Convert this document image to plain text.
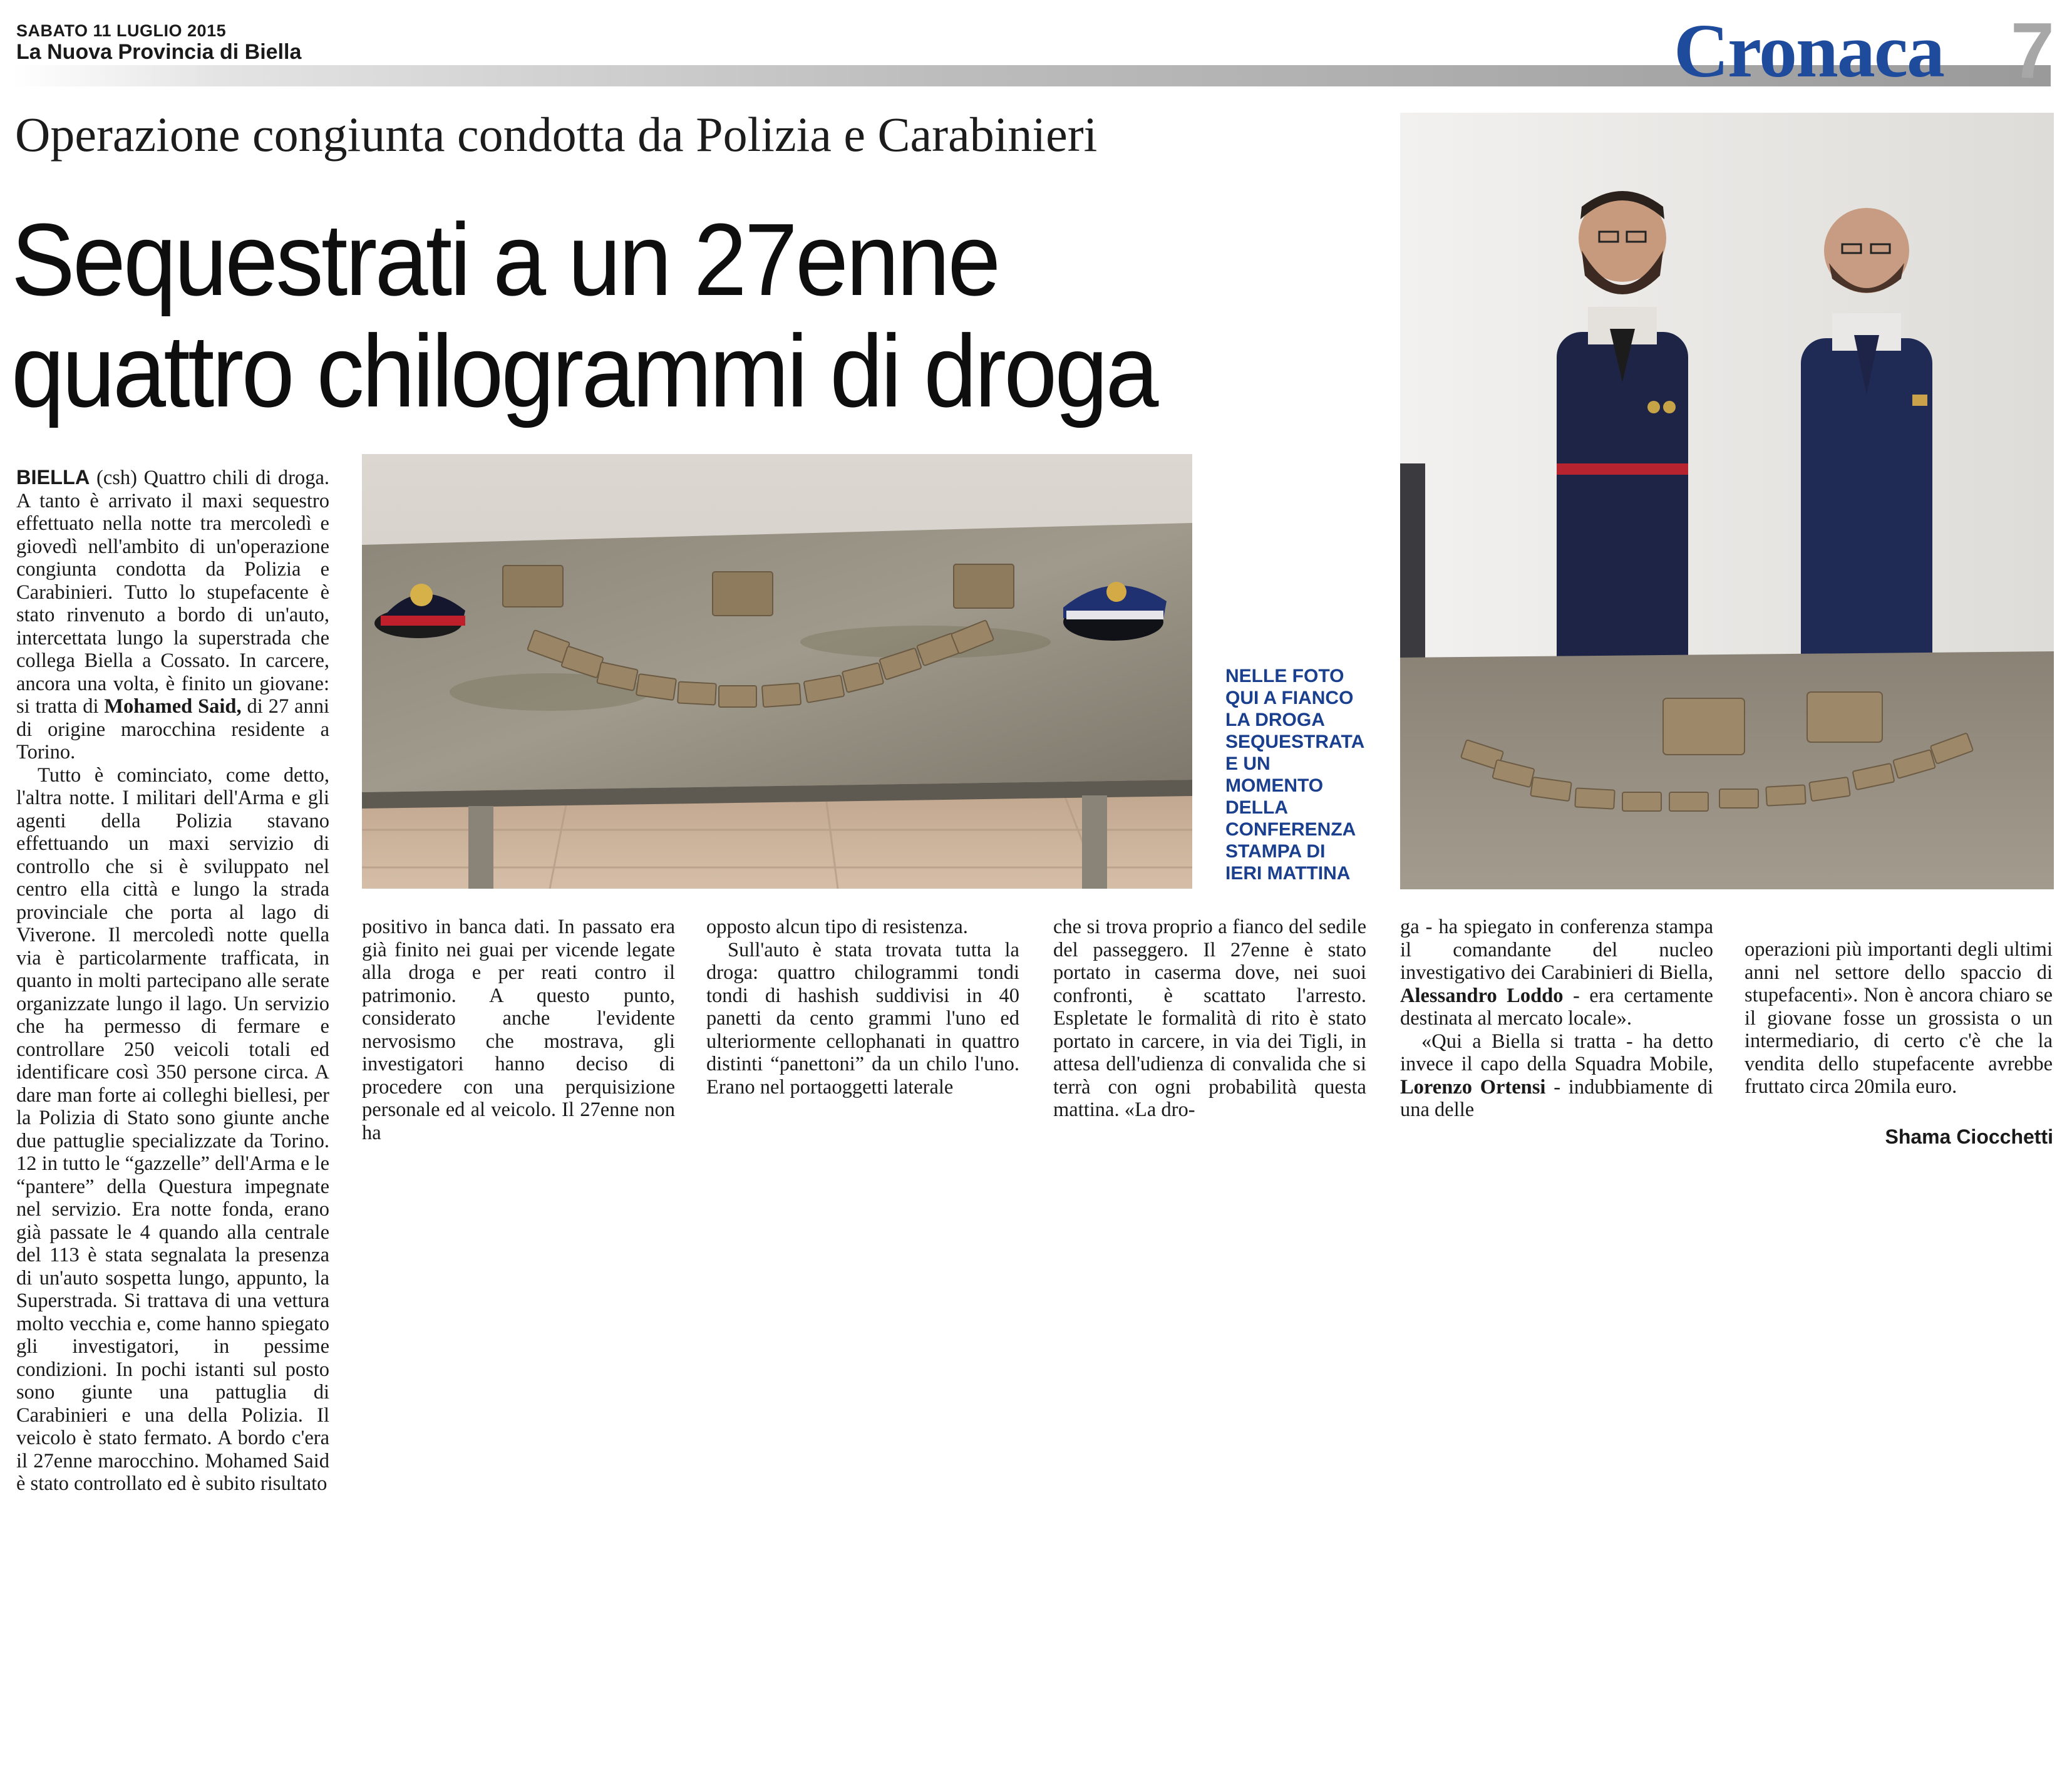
SABATO 11 LUGLIO 2015
La Nuova Provincia di Biella	Cronaca 7
Operazione congiunta condotta da Polizia e Carabinieri
Sequestrati a un 27enne
quattro chilogrammi di droga
NELLE FOTO QUI A FIANCO LA DROGA SEQUESTRATA E UN MOMENTO DELLA CONFERENZA STAMPA DI IERI MATTINA

BIELLA (csh) Quattro chili di droga. A tanto è arrivato il maxi sequestro effettuato nella notte tra mercoledì e giovedì nell'ambito di un'operazione congiunta condotta da Polizia e Carabinieri. Tutto lo stupefacente è stato rinvenuto a bordo di un'auto, intercettata lungo la superstrada che collega Biella a Cossato. In carcere, ancora una volta, è finito un giovane: si tratta di Mohamed Said, di 27 anni di origine marocchina residente a Torino.

Tutto è cominciato, come detto, l'altra notte. I militari dell'Arma e gli agenti della Polizia stavano effettuando un maxi servizio di controllo che si è sviluppato nel centro ella città e lungo la strada provinciale che porta al lago di Viverone. Il mercoledì notte quella via è particolarmente trafficata, in quanto in molti partecipano alle serate organizzate lungo il lago. Un servizio che ha permesso di fermare e controllare 250 veicoli totali ed identificare così 350 persone circa. A dare man forte ai colleghi biellesi, per la Polizia di Stato sono giunte anche due pattuglie specializzate da Torino. 12 in tutto le “gazzelle” dell'Arma e le “pantere” della Questura impegnate nel servizio. Era notte fonda, erano già passate le 4 quando alla centrale del 113 è stata segnalata la presenza di un'auto sospetta lungo, appunto, la Superstrada. Si trattava di una vettura molto vecchia e, come hanno spiegato gli investigatori, in pessime condizioni. In pochi istanti sul posto sono giunte una pattuglia di Carabinieri e una della Polizia. Il veicolo è stato fermato. A bordo c'era il 27enne marocchino. Mohamed Said è stato controllato ed è subito risultato

positivo in banca dati. In passato era già finito nei guai per vicende legate alla droga e per reati contro il patrimonio. A questo punto, considerato anche l'evidente nervosismo che mostrava, gli investigatori hanno deciso di procedere con una perquisizione personale ed al veicolo. Il 27enne non ha

opposto alcun tipo di resistenza.

Sull'auto è stata trovata tutta la droga: quattro chilogrammi tondi tondi di hashish suddivisi in 40 panetti da cento grammi l'uno ed ulteriormente cellophanati in quattro distinti “panettoni” da un chilo l'uno. Erano nel portaoggetti laterale

che si trova proprio a fianco del sedile del passeggero. Il 27enne è stato portato in caserma dove, nei suoi confronti, è scattato l'arresto. Espletate le formalità di rito è stato portato in carcere, in via dei Tigli, in attesa dell'udienza di convalida che si terrà con ogni probabilità questa mattina. «La dro-

ga - ha spiegato in conferenza stampa il comandante del nucleo investigativo dei Carabinieri di Biella, Alessandro Loddo - era certamente destinata al mercato locale».

«Qui a Biella si tratta - ha detto invece il capo della Squadra Mobile, Lorenzo Ortensi - indubbiamente di una delle

operazioni più importanti degli ultimi anni nel settore dello spaccio di stupefacenti». Non è ancora chiaro se il giovane fosse un grossista o un intermediario, di certo c'è che la vendita dello stupefacente avrebbe fruttato circa 20mila euro.

Shama Ciocchetti
